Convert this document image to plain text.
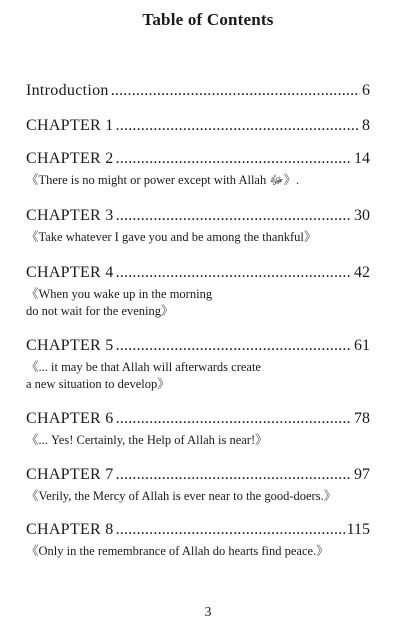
Table of Contents
Introduction .....	6
CHAPTER 1 .....	8
CHAPTER 2 .....	14
《There is no might or power except with Allah ﷻ》.
CHAPTER 3 .....	30
《Take whatever I gave you and be among the thankful》
CHAPTER 4 .....	42
《When you wake up in the morning
do not wait for the evening》
CHAPTER 5 .....	61
《... it may be that Allah will afterwards create
a new situation to develop》
CHAPTER 6 .....	78
《... Yes! Certainly, the Help of Allah is near!》
CHAPTER 7 .....	97
《Verily, the Mercy of Allah is ever near to the good-doers.》
CHAPTER 8 .....	115
《Only in the remembrance of Allah do hearts find peace.》
3
